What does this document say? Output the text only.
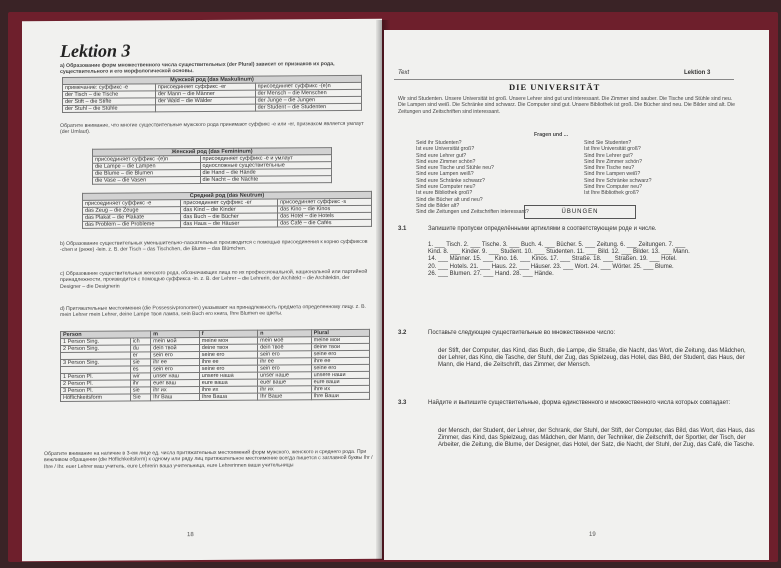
Lektion 3
a) Образование форм множественного числа существительных (der Plural) зависит от признаков их рода, существительного и его морфологической основы.
Мужской род (das Maskulinum)		
примечание: суффикс -e	присоединяет суффикс -er	присоединяет суффикс -(e)n
der Tisch – die Tische	der Mann – die Männer	der Mensch – die Menschen
der Stift – die Stifte	der Wald – die Wälder	der Junge – die Jungen
der Stuhl – die Stühle		der Student – die Studenten
Обратите внимание, что многие существительные мужского рода принимают суффикс -e или -er, признаком является умлаут (der Umlaut).
Женский род (das Femininum)	
присоединяет суффикс -(e)n	присоединяет суффикс -e и умлаут
die Lampe – die Lampen	односложные существительные
die Blume – die Blumen	die Hand – die Hände
die Vase – die Vasen	die Nacht – die Nächte
Средний род (das Neutrum)		
присоединяет суффикс -e	присоединяет суффикс -er	присоединяет суффикс -s
das Zeug – die Zeuge	das Kind – die Kinder	das Kino – die Kinos
das Plakat – die Plakate	das Buch – die Bücher	das Hotel – die Hotels
das Problem – die Probleme	das Haus – die Häuser	das Café – die Cafés
b) Образование существительных уменьшительно-ласкательных производится с помощью присоединения к корню суффиксов -chen и (реже) -lein. z. B. der Tisch – das Tischchen, die Blume – das Blümchen.
c) Образование существительных женского рода, обозначающих лица по их профессиональной, национальной или партийной принадлежности, производится с помощью суффикса -in. z. B. der Lehrer – die Lehrerin, der Architekt – die Architektin, der Designer – die Designerin
d) Притяжательные местоимения (die Possessivpronomen) указывают на принадлежность предмета определенному лицу. z. B. mein Lehrer mein Lehrer, deine Lampe твоя лампа, sein Buch его книга, Ihre Blumen ее цветы.
Person		m	f	n	Plural
1 Person Sing.	ich	mein мой	meine моя	mein моё	meine мои
2 Person Sing.	du	dein твой	deine твоя	dein твоё	deine твои
	er	sein его	seine его	sein его	seine его
3 Person Sing.	sie	ihr ее	ihre ее	ihr ее	ihre ее
	es	sein его	seine его	sein его	seine его
1 Person Pl.	wir	unser наш	unsere наша	unser наше	unsere наши
2 Person Pl.	ihr	euer ваш	eure ваша	euer ваше	eure ваши
3 Person Pl.	sie	ihr их	ihre их	ihr их	ihre их
Höflichkeitsform	Sie	Ihr Ваш	Ihre Ваша	Ihr Ваше	Ihre Ваши
Обратите внимание на наличие в 3-ем лице ед. числа притяжательных местоимений форм мужского, женского и среднего рода. При вежливом обращении (die Höflichkeitsform) к одному или ряду лиц притяжательное местоимение всегда пишется с заглавной буквы Ihr / Ihre / Ihr. euer Lehrer ваш учитель, eure Lehrerin ваша учительница, eure Lehrerinnen ваши учительницы
18
Text	Lektion 3
DIE UNIVERSITÄT
Wir sind Studenten. Unsere Universität ist groß. Unsere Lehrer sind gut und interessant. Die Zimmer sind sauber. Die Tische und Stühle sind neu. Die Lampen sind weiß. Die Schränke sind schwarz. Die Computer sind gut. Unsere Bibliothek ist groß. Die Bücher sind neu. Die Bilder sind alt. Die Zeitungen und Zeitschriften sind interessant.
Fragen und ...
Seid ihr Studenten?
Ist eure Universität groß?
Sind eure Lehrer gut?
Sind eure Zimmer schön?
Sind eure Tische und Stühle neu?
Sind eure Lampen weiß?
Sind eure Schränke schwarz?
Sind eure Computer neu?
Ist eure Bibliothek groß?
Sind die Bücher alt und neu?
Sind die Bilder alt?
Sind die Zeitungen und Zeitschriften interessant?
Sind Sie Studenten?
Ist Ihre Universität groß?
Sind Ihre Lehrer gut?
Sind Ihre Zimmer schön?
Sind Ihre Tische neu?
Sind Ihre Lampen weiß?
Sind Ihre Schränke schwarz?
Sind Ihre Computer neu?
Ist Ihre Bibliothek groß?
ÜBUNGEN
3.1	Запишите пропуски определёнными артиклями в соответствующем роде и числе.
1. ___ Tisch. 2. ___ Tische. 3. ___ Buch. 4. ___ Bücher. 5. ___ Zeitung. 6. ___ Zeitungen. 7. ___
Kind. 8. ___ Kinder. 9. ___ Student. 10. ___ Studenten. 11. ___ Bild. 12. ___ Bilder. 13. ___ Mann.
14. ___ Männer. 15. ___ Kino. 16. ___ Kinos. 17. ___ Straße. 18. ___ Straßen. 19. ___ Hotel.
20. ___ Hotels. 21. ___ Haus. 22. ___ Häuser. 23. ___ Wort. 24. ___ Wörter. 25. ___ Blume.
26. ___ Blumen. 27. ___ Hand. 28. ___ Hände.
3.2	Поставьте следующие существительные во множественное число:
der Stift, der Computer, das Kind, das Buch, die Lampe, die Straße, die Nacht, das Wort, die Zeitung, das Mädchen, der Lehrer, das Kino, die Tasche, der Stuhl, der Zug, das Spielzeug, das Hotel, das Bild, der Student, das Haus, der Mann, die Hand, die Zeitschrift, das Zimmer, der Mensch.
3.3	Найдите и выпишите существительные, форма единственного и множественного числа которых совпадает:
der Mensch, der Student, der Lehrer, der Schrank, der Stuhl, der Stift, der Computer, das Bild, das Wort, das Haus, das Zimmer, das Kind, das Spielzeug, das Mädchen, der Mann, der Techniker, die Zeitschrift, der Sportler, der Tisch, der Arbeiter, die Zeitung, die Blume, der Designer, das Hotel, der Satz, die Nacht, der Stuhl, der Zug, das Café, die Tasche.
19
